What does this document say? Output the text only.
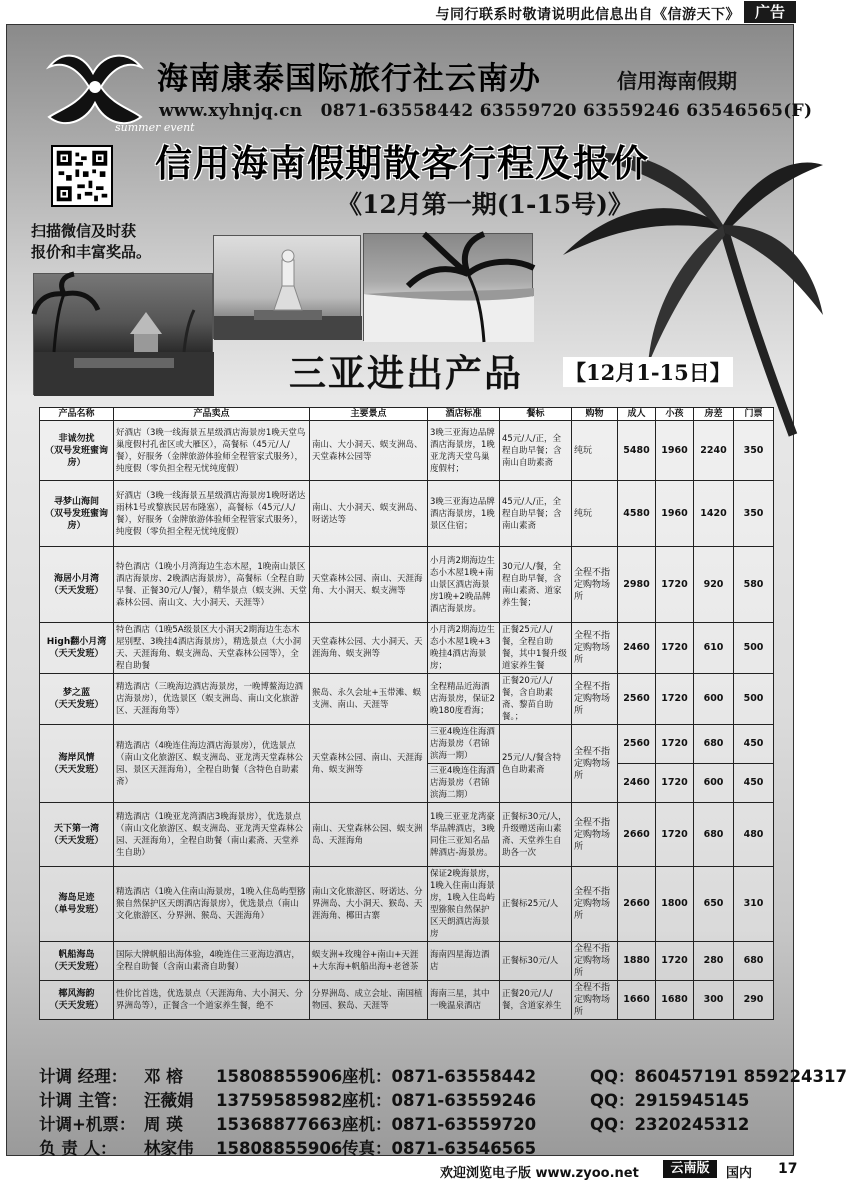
与同行联系时敬请说明此信息出自《信游天下》 广告
summer event
海南康泰国际旅行社云南办	信用海南假期
www.xyhnjq.cn 0871-63558442 63559720 63559246 63546565(F)
信用海南假期散客行程及报价
《12月第一期(1-15号)》
扫描微信及时获
报价和丰富奖品。
三亚进出产品 【12月1-15日】
产品名称	产品卖点	主要景点	酒店标准	餐标	购物	成人	小孩	房差	门票

非诚勿扰
（双号发班蜜询房）	好酒店（3晚一线海景五星级酒店海景房1晚天堂鸟巢度假村孔雀区或大雁区），高餐标（45元/人/餐），好服务（金牌旅游体验师全程管家式服务），纯度假（零负担全程无忧纯度假）	南山、大小洞天、蜈支洲岛、天堂森林公园等	3晚三亚海边品牌酒店海景房，1晚亚龙湾天堂鸟巢度假村；	45元/人/正，全程自助早餐；含南山自助素斋	纯玩	5480	1960	2240	350

寻梦山海间
（双号发班蜜询房）	好酒店（3晚一线海景五星级酒店海景房1晚呀诺达雨林1号或黎族民居布隆塞），高餐标（45元/人/餐），好服务（金牌旅游体验师全程管家式服务），纯度假（零负担全程无忧纯度假）	南山、大小洞天、蜈支洲岛、呀诺达等	3晚三亚海边品牌酒店海景房，1晚景区住宿；	45元/人/正，全程自助早餐；含南山素斋	纯玩	4580	1960	1420	350

海居小月湾
（天天发班）	特色酒店（1晚小月湾海边生态木屋，1晚南山景区酒店海景房、2晚酒店海景房），高餐标（全程自助早餐、正餐30元/人/餐），精华景点（蜈支洲、天堂森林公园、南山文、大小洞天、天涯等）	天堂森林公园、南山、天涯海角、大小洞天、蜈支洲等	小月湾2期海边生态小木屋1晚+南山景区酒店海景房1晚+2晚品牌酒店海景房。	30元/人/餐，全程自助早餐，含南山素斋、道家养生餐；	全程不指定购物场所	2980	1720	920	580

High翻小月湾
（天天发班）	特色酒店（1晚5A级景区大小洞天2期海边生态木屋别墅、3晚挂4酒店海景房），精选景点（大小洞天、天涯海角、蜈支洲岛、天堂森林公园等），全程自助餐	天堂森林公园、大小洞天、天涯海角、蜈支洲等	小月湾2期海边生态小木屋1晚+3晚挂4酒店海景房；	正餐25元/人/餐，全程自助餐，其中1餐升级道家养生餐	全程不指定购物场所	2460	1720	610	500

梦之蓝
（天天发班）	精选酒店（三晚海边酒店海景房，一晚博鳌海边酒店海景房），优选景区（蜈支洲岛、南山文化旅游区、天涯海角等）	猴岛、永久会址+玉带滩、蜈支洲、南山、天涯等	全程精品近海酒店海景房，保证2晚180度看海；	正餐20元/人/餐，含自助素斋、黎苗自助餐。；	全程不指定购物场所	2560	1720	600	500

海岸风情
（天天发班）	精选酒店（4晚连住海边酒店海景房），优选景点（南山文化旅游区、蜈支洲岛、亚龙湾天堂森林公园、景区天涯海角），全程自助餐（含特色自助素斋）	天堂森林公园、南山、天涯海角、蜈支洲等	三亚4晚连住海酒店海景房（君锦滨海一期）	25元/人/餐含特色自助素斋	全程不指定购物场所	2560	1720	680	450
			三亚4晚连住海酒店海景房（君锦滨海二期）			2460	1720	600	450

天下第一湾
（天天发班）	精选酒店（1晚亚龙湾酒店3晚海景房），优选景点（南山文化旅游区、蜈支洲岛、亚龙湾天堂森林公园、天涯海角），全程自助餐（南山素斋、天堂养生自助）	南山、天堂森林公园、蜈支洲岛、天涯海角	1晚三亚亚龙湾豪华品牌酒店，3晚同住三亚知名品牌酒店-海景房。	正餐标30元/人，升级赠送南山素斋、天堂养生自助各一次	全程不指定购物场所	2660	1720	680	480

海岛足迹
（单号发班）	精选酒店（1晚入住南山海景房，1晚入住岛屿型猕猴自然保护区天朗酒店海景房），优选景点（南山文化旅游区、分界洲、猴岛、天涯海角）	南山文化旅游区、呀诺达、分界洲岛、大小洞天、猴岛、天涯海角、椰田古寨	保证2晚海景房，1晚入住南山海景房，1晚入住岛屿型猕猴自然保护区天朗酒店海景房	正餐标25元/人	全程不指定购物场所	2660	1800	650	310

帆船海岛
（天天发班）	国际大牌帆船出海体验，4晚连住三亚海边酒店，全程自助餐（含南山素斋自助餐）	蜈支洲+玫瑰谷+南山+天涯+大东海+帆船出海+老爸茶	海南四星海边酒店	正餐标30元/人	全程不指定购物场所	1880	1720	280	680

椰风海韵
（天天发班）	性价比首选，优选景点（天涯海角、大小洞天、分界洲岛等），正餐含一个道家养生餐，绝不	分界洲岛、成立会址、南国植物园、猴岛、天涯等	海南三星，其中一晚温泉酒店	正餐20元/人/餐，含道家养生	全程不指定购物场所	1660	1680	300	290
计调 经理： 邓 榕 15808855906座机：0871-63558442	QQ：860457191 859224317
计调 主管： 汪薇娟 13759585982座机：0871-63559246	QQ：2915945145
计调+机票： 周 瑛 15368877663座机：0871-63559720	QQ：2320245312
负 责 人： 林家伟 15808855906传真：0871-63546565
欢迎浏览电子版 www.zyoo.net	云南版	国内 17
